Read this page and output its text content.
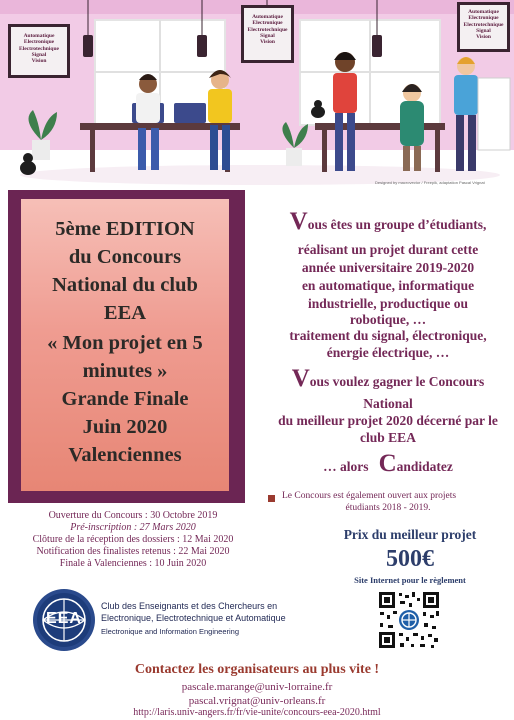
Automatique
Electronique
Electrotechnique
Signal
Vision
Automatique
Electronique
Electrotechnique
Signal
Vision
Automatique
Electronique
Electrotechnique
Signal
Vision
Designed by macrovector / Freepik, adaptation Pascal Vrignat
5ème EDITION
du Concours
National du club
EEA
« Mon projet en 5
minutes »
Grande Finale
Juin 2020
Valenciennes
Vous êtes un groupe d’étudiants,
réalisant un projet durant cette
année universitaire 2019-2020
en automatique, informatique
industrielle, productique ou
robotique, …
traitement du signal, électronique,
énergie électrique, …
Vous voulez gagner le Concours
National
du meilleur projet 2020 décerné par le
club EEA
… alors Candidatez
Le Concours est également ouvert aux projets
étudiants 2018 - 2019.
Ouverture du Concours : 30 Octobre 2019
Pré-inscription : 27 Mars 2020
Clôture de la réception des dossiers : 12 Mai 2020
Notification des finalistes retenus : 22 Mai 2020
Finale à Valenciennes : 10 Juin 2020
Prix du meilleur projet
500€
Site Internet pour le règlement
EEA
Club des Enseignants et des Chercheurs en
Electronique, Electrotechnique et Automatique
Electronique and Information Engineering
Contactez les organisateurs au plus vite !
pascale.marange@univ-lorraine.fr
pascal.vrignat@univ-orleans.fr
http://laris.univ-angers.fr/fr/vie-unite/concours-eea-2020.html
